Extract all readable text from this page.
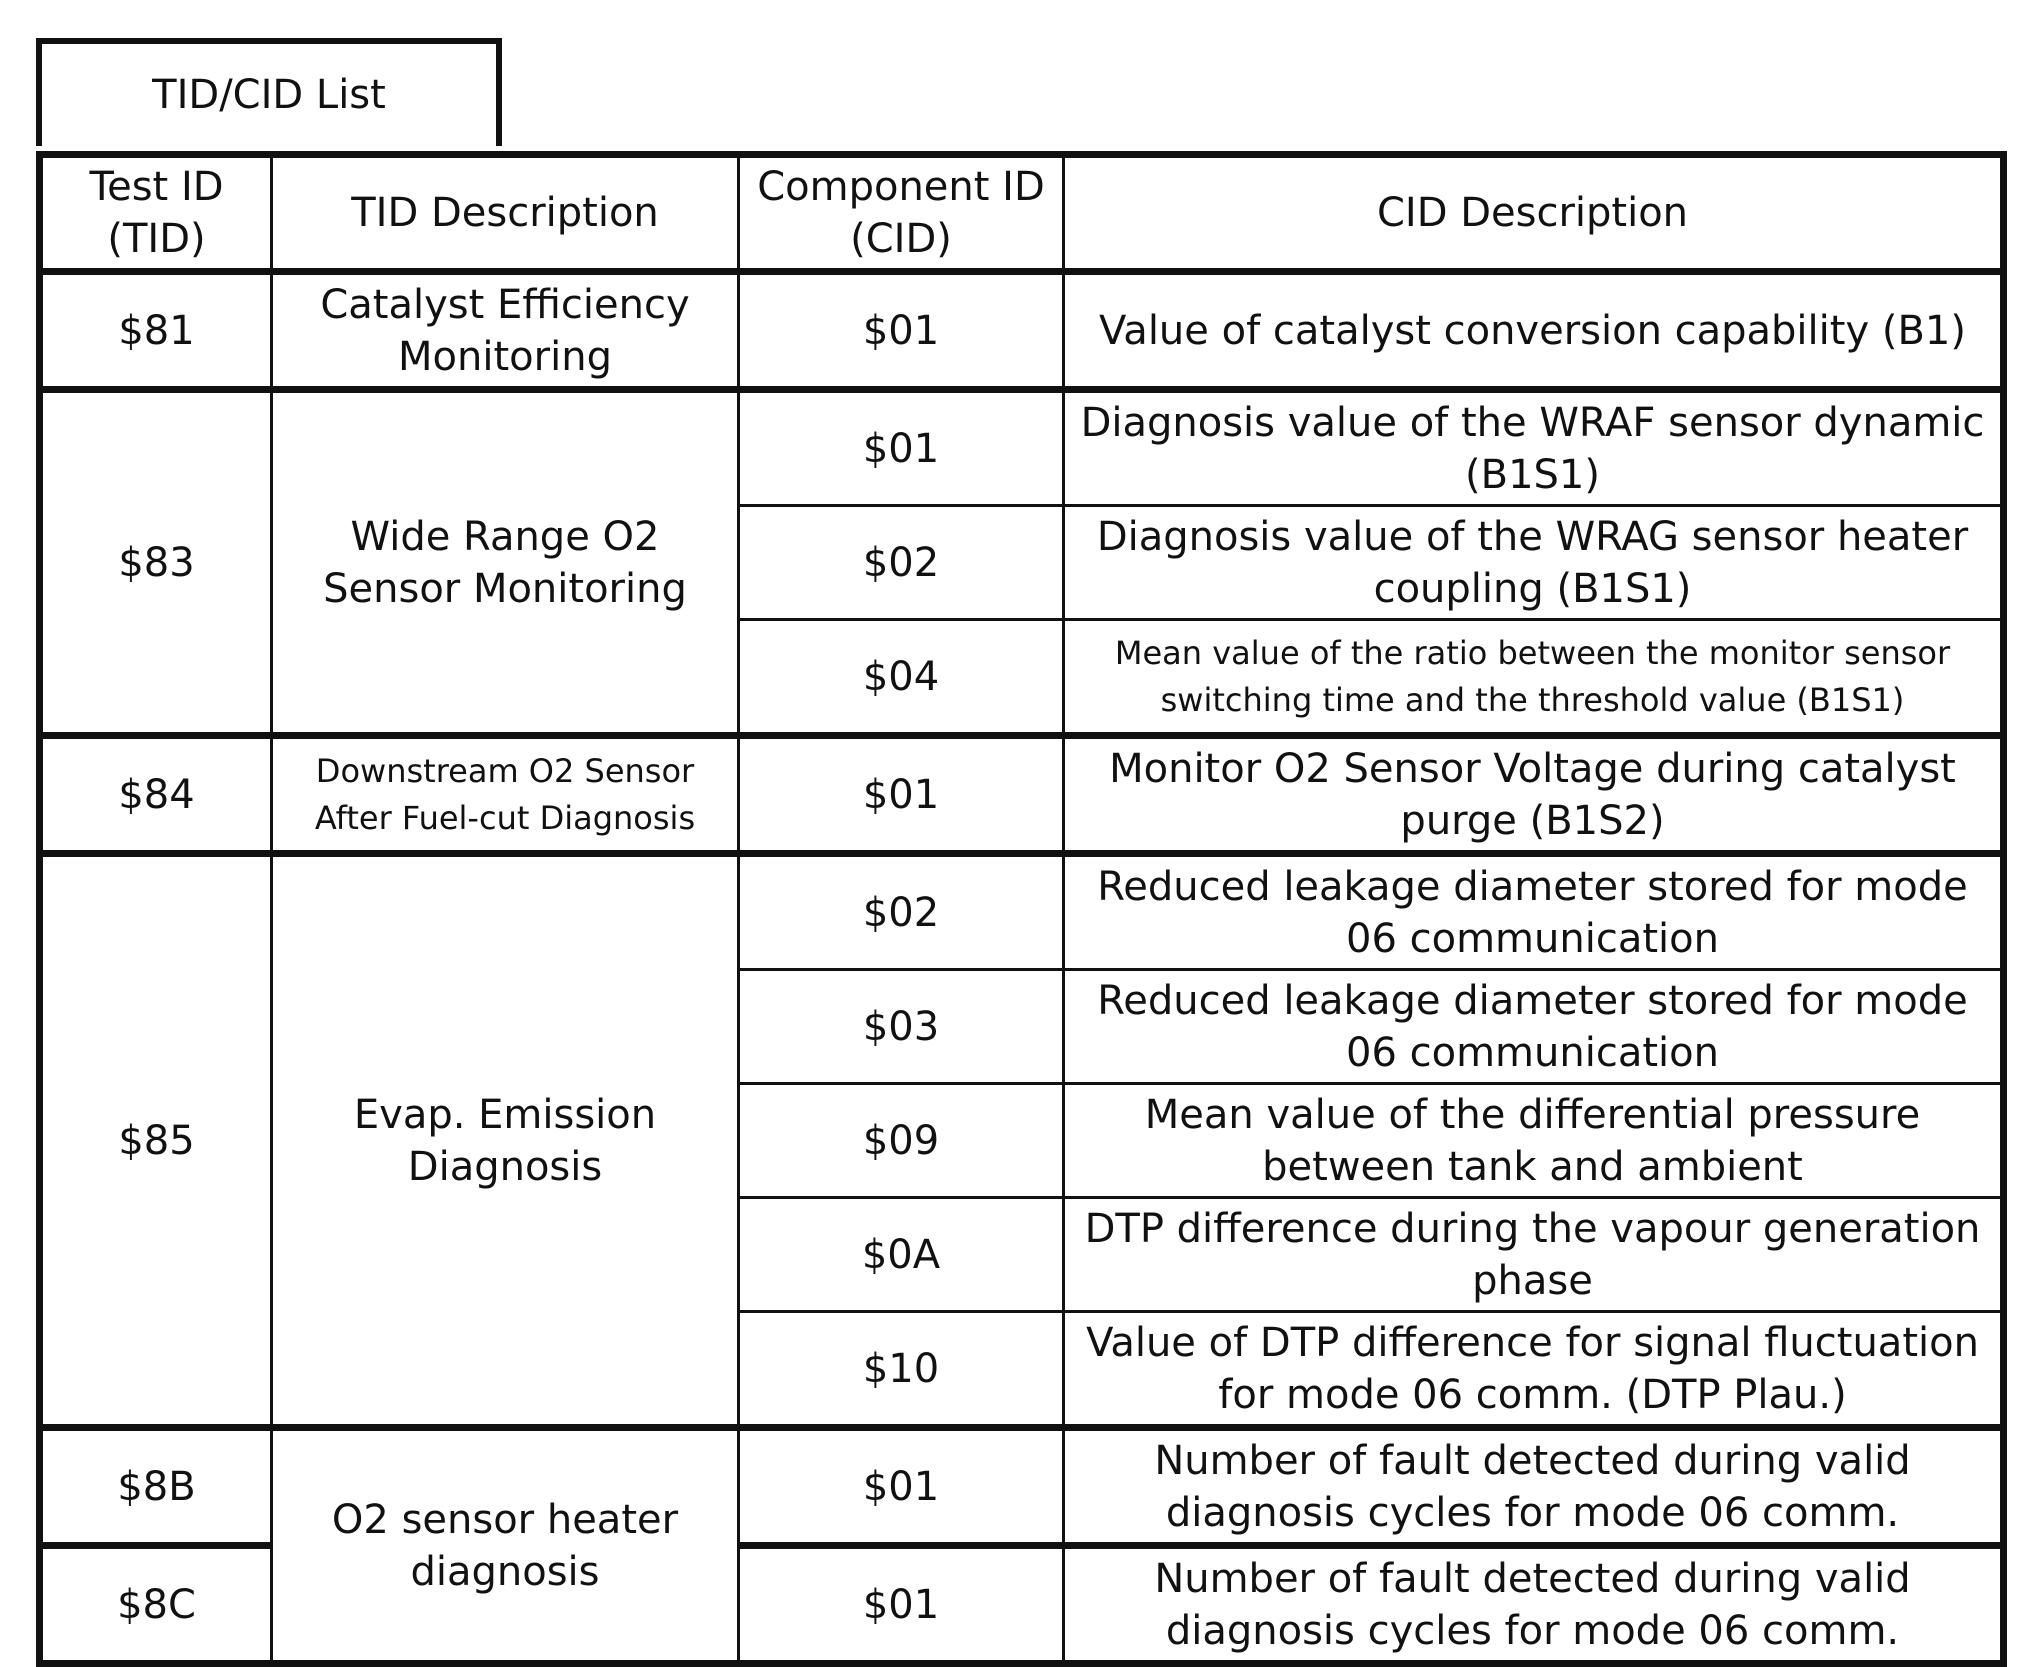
TID/CID List
Test ID (TID)	TID Description	Component ID (CID)	CID Description
$81	Catalyst Efficiency Monitoring	$01	Value of catalyst conversion capability (B1)
$83	Wide Range O2 Sensor Monitoring	$01	Diagnosis value of the WRAF sensor dynamic (B1S1)
		$02	Diagnosis value of the WRAG sensor heater coupling (B1S1)
		$04	Mean value of the ratio between the monitor sensor switching time and the threshold value (B1S1)
$84	Downstream O2 Sensor After Fuel-cut Diagnosis	$01	Monitor O2 Sensor Voltage during catalyst purge (B1S2)
$85	Evap. Emission Diagnosis	$02	Reduced leakage diameter stored for mode 06 communication
		$03	Reduced leakage diameter stored for mode 06 communication
		$09	Mean value of the differential pressure between tank and ambient
		$0A	DTP difference during the vapour generation phase
		$10	Value of DTP difference for signal fluctuation for mode 06 comm. (DTP Plau.)
$8B	O2 sensor heater diagnosis	$01	Number of fault detected during valid diagnosis cycles for mode 06 comm.
$8C		$01	Number of fault detected during valid diagnosis cycles for mode 06 comm.
